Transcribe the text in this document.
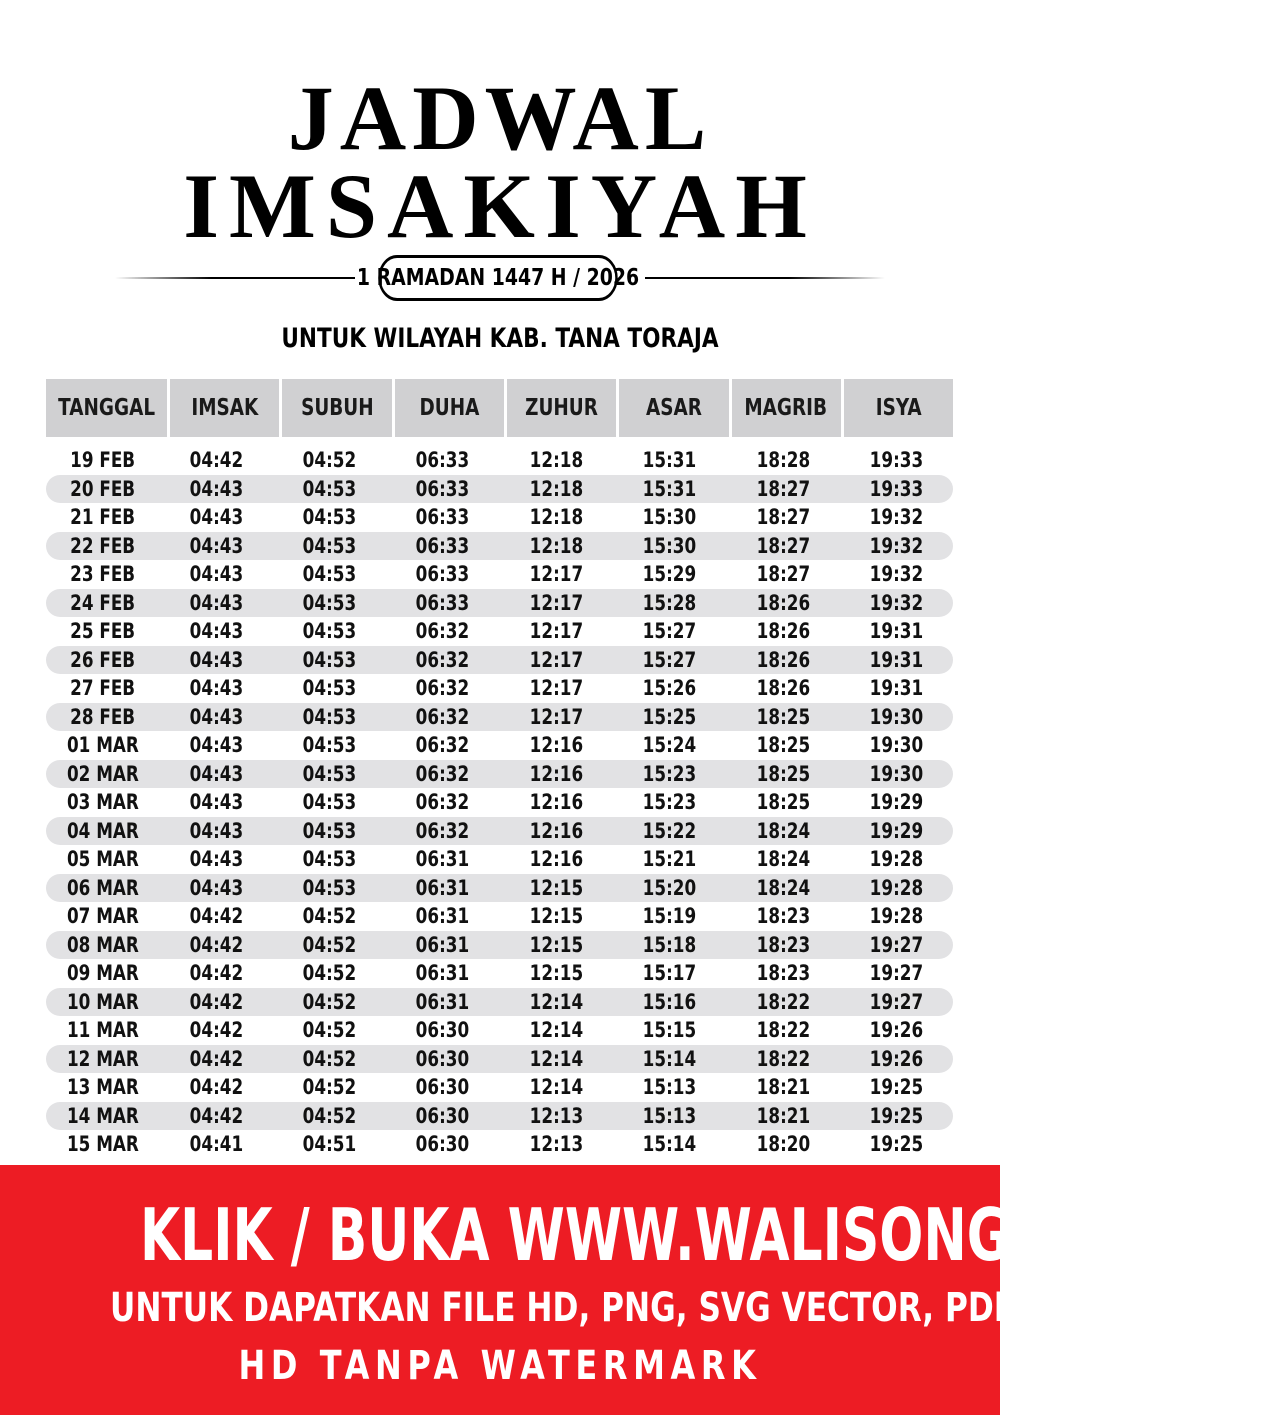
JADWAL
IMSAKIYAH
1 RAMADAN 1447 H / 2026
UNTUK WILAYAH KAB. TANA TORAJA
TANGGAL IMSAK SUBUH DUHA ZUHUR ASAR MAGRIB ISYA
19 FEB	04:42	04:52	06:33	12:18	15:31	18:28	19:33
20 FEB	04:43	04:53	06:33	12:18	15:31	18:27	19:33
21 FEB	04:43	04:53	06:33	12:18	15:30	18:27	19:32
22 FEB	04:43	04:53	06:33	12:18	15:30	18:27	19:32
23 FEB	04:43	04:53	06:33	12:17	15:29	18:27	19:32
24 FEB	04:43	04:53	06:33	12:17	15:28	18:26	19:32
25 FEB	04:43	04:53	06:32	12:17	15:27	18:26	19:31
26 FEB	04:43	04:53	06:32	12:17	15:27	18:26	19:31
27 FEB	04:43	04:53	06:32	12:17	15:26	18:26	19:31
28 FEB	04:43	04:53	06:32	12:17	15:25	18:25	19:30
01 MAR	04:43	04:53	06:32	12:16	15:24	18:25	19:30
02 MAR	04:43	04:53	06:32	12:16	15:23	18:25	19:30
03 MAR	04:43	04:53	06:32	12:16	15:23	18:25	19:29
04 MAR	04:43	04:53	06:32	12:16	15:22	18:24	19:29
05 MAR	04:43	04:53	06:31	12:16	15:21	18:24	19:28
06 MAR	04:43	04:53	06:31	12:15	15:20	18:24	19:28
07 MAR	04:42	04:52	06:31	12:15	15:19	18:23	19:28
08 MAR	04:42	04:52	06:31	12:15	15:18	18:23	19:27
09 MAR	04:42	04:52	06:31	12:15	15:17	18:23	19:27
10 MAR	04:42	04:52	06:31	12:14	15:16	18:22	19:27
11 MAR	04:42	04:52	06:30	12:14	15:15	18:22	19:26
12 MAR	04:42	04:52	06:30	12:14	15:14	18:22	19:26
13 MAR	04:42	04:52	06:30	12:14	15:13	18:21	19:25
14 MAR	04:42	04:52	06:30	12:13	15:13	18:21	19:25
15 MAR	04:41	04:51	06:30	12:13	15:14	18:20	19:25
KLIK / BUKA WWW.WALISONGO.CO.ID
UNTUK DAPATKAN FILE HD, PNG, SVG VECTOR, PDF, WORD, EXCEL
HD TANPA WATERMARK
